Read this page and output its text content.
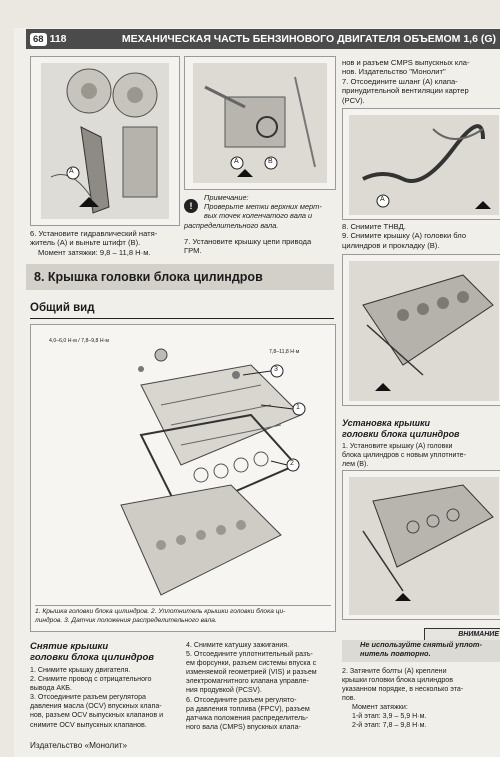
68 118	МЕХАНИЧЕСКАЯ ЧАСТЬ БЕНЗИНОВОГО ДВИГАТЕЛЯ ОБЪЕМОМ 1,6 (G)
A
A	B
6. Установите гидравлический натя-
житель (А) и выньте штифт (В).
Момент затяжки: 9,8 – 11,8 Н·м.
!
Примечание:
Проверьте метки верхних мерт-
вых точек коленчатого вала и
распределительного вала.
7. Установите крышку цепи привода
ГРМ.
нов и разъем CMPS выпускных кла-
нов. Издательство "Монолит"
7. Отсоедините шланг (А) клапа-
принудительной вентиляции картер
(PCV).
A
8. Снимите ТНВД.
9. Снимите крышку (А) головки бло
цилиндров и прокладку (В).
8. Крышка головки блока цилиндров
Общий вид
4,0–6,0 Н·м / 7,8–9,8 Н·м
7,8–11,8 Н·м
1
2
3
1. Крышка головки блока цилиндров. 2. Уплотнитель крышки головки блока ци-
линдров. 3. Датчик положения распределительного вала.
Снятие крышки
головки блока цилиндров
1. Снимите крышку двигателя.
2. Снимите провод с отрицательного
вывода АКБ.
3. Отсоедините разъем регулятора
давления масла (OCV) впускных клапа-
нов, разъем OCV выпускных клапанов и
снимите OCV выпускных клапанов.
4. Снимите катушку зажигания.
5. Отсоедините уплотнительный разъ-
ем форсунки, разъем системы впуска с
изменяемой геометрией (VIS) и разъем
электромагнитного клапана управле-
ния продувкой (PCSV).
6. Отсоедините разъем регулято-
ра давления топлива (FPCV), разъем
датчика положения распределитель-
ного вала (CMPS) впускных клапа-
Установка крышки
головки блока цилиндров
1. Установите крышку (А) головки
блока цилиндров с новым уплотните-
лем (В).
ВНИМАНИЕ
Не используйте снятый уплот-
нитель повторно.
2. Затяните болты (А) креплени
крышки головки блока цилиндров
указанном порядке, в несколько эта-
пов.
Момент затяжки:
1-й этап: 3,9 – 5,9 Н·м.
2-й этап: 7,8 – 9,8 Н·м.
Издательство «Монолит»
